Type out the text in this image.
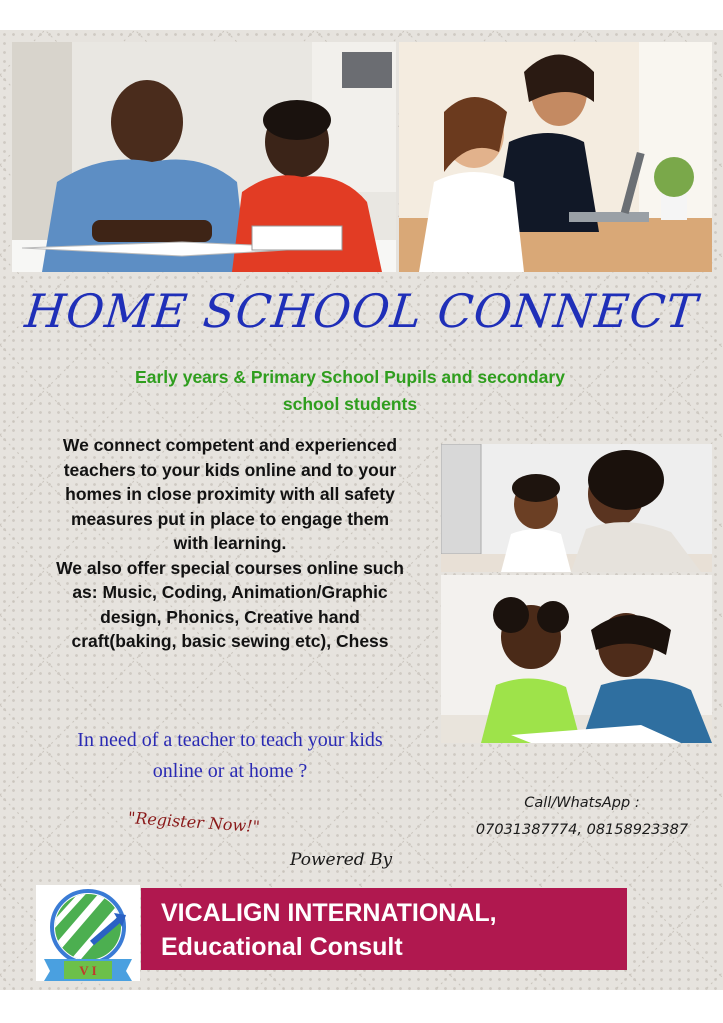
HOME SCHOOL CONNECT
Early years & Primary School Pupils and secondary
school students
We connect competent and experienced
teachers to your kids online and to your
homes in close proximity with all safety
measures put in place to engage them
with learning.
We also offer special courses online such
as: Music, Coding, Animation/Graphic
design, Phonics, Creative hand
craft(baking, basic sewing etc), Chess
In need of a teacher to teach your kids
online or at home ?
"Register Now!"
Call/WhatsApp :
07031387774, 08158923387
Powered By
V I
VICALIGN INTERNATIONAL,
Educational Consult
